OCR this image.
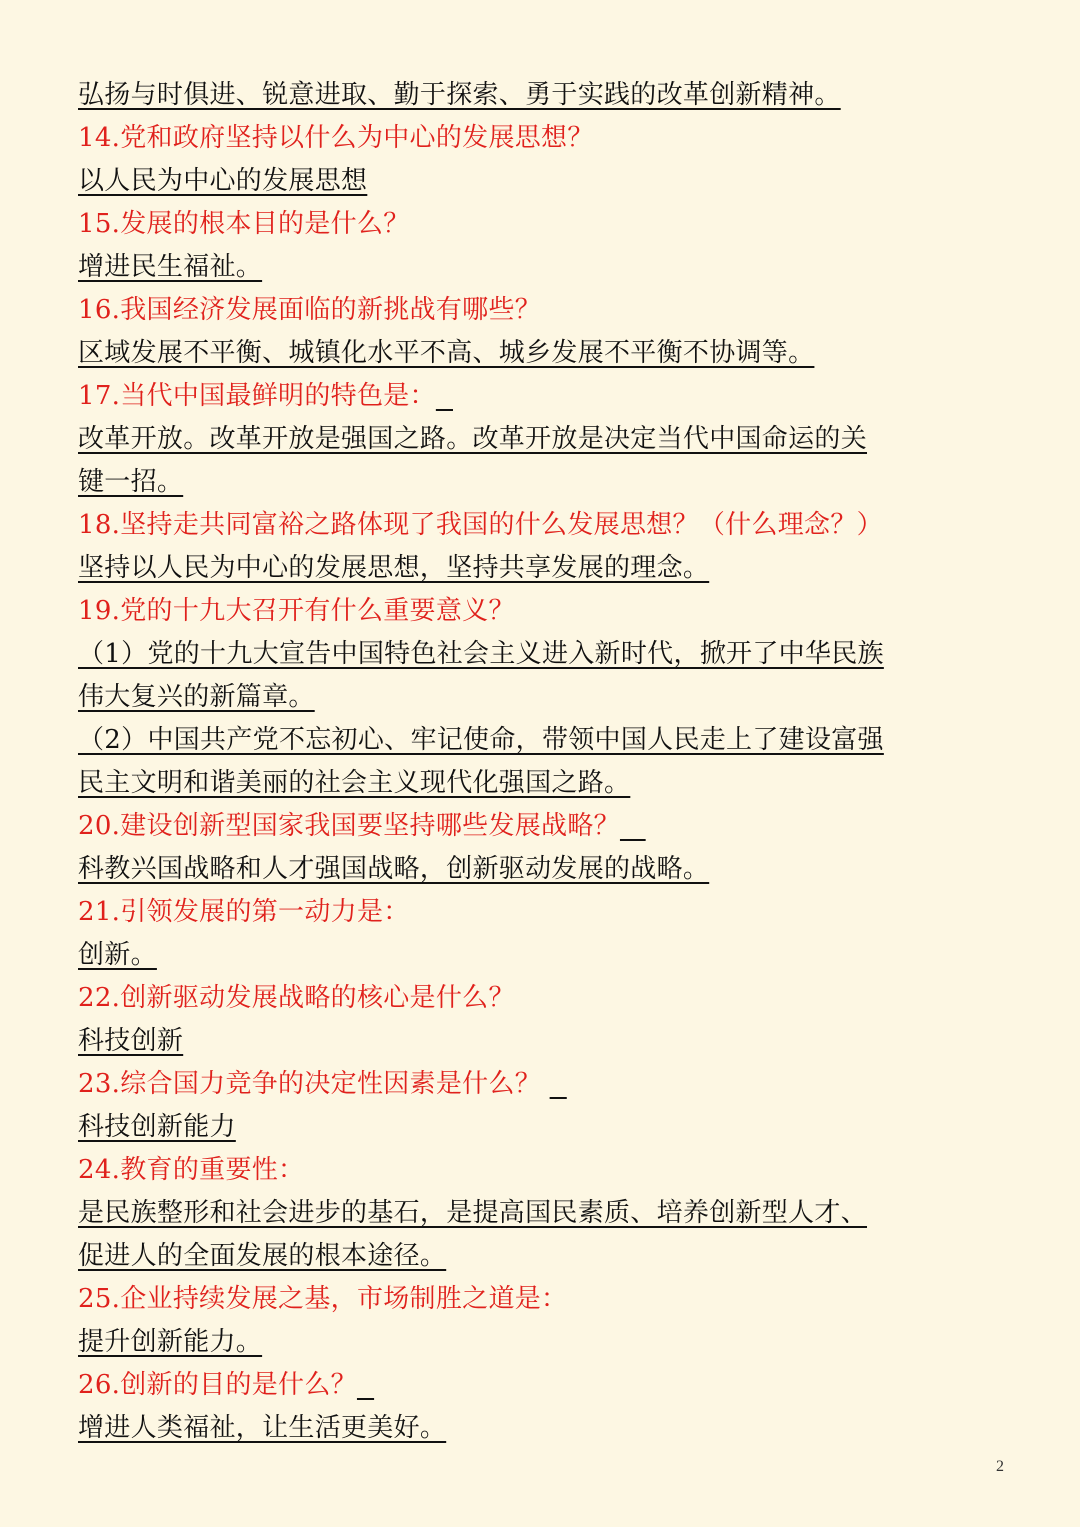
弘扬与时俱进、锐意进取、勤于探索、勇于实践的改革创新精神。
14.党和政府坚持以什么为中心的发展思想？
以人民为中心的发展思想
15.发展的根本目的是什么？
增进民生福祉。
16.我国经济发展面临的新挑战有哪些？
区域发展不平衡、城镇化水平不高、城乡发展不平衡不协调等。
17.当代中国最鲜明的特色是：
改革开放。改革开放是强国之路。改革开放是决定当代中国命运的关
键一招。
18.坚持走共同富裕之路体现了我国的什么发展思想？（什么理念？）
坚持以人民为中心的发展思想，坚持共享发展的理念。
19.党的十九大召开有什么重要意义？
（1）党的十九大宣告中国特色社会主义进入新时代，掀开了中华民族
伟大复兴的新篇章。
（2）中国共产党不忘初心、牢记使命，带领中国人民走上了建设富强
民主文明和谐美丽的社会主义现代化强国之路。
20.建设创新型国家我国要坚持哪些发展战略？
科教兴国战略和人才强国战略，创新驱动发展的战略。
21.引领发展的第一动力是：
创新。
22.创新驱动发展战略的核心是什么？
科技创新
23.综合国力竞争的决定性因素是什么？
科技创新能力
24.教育的重要性：
是民族整形和社会进步的基石，是提高国民素质、培养创新型人才、
促进人的全面发展的根本途径。
25.企业持续发展之基，市场制胜之道是：
提升创新能力。
26.创新的目的是什么？
增进人类福祉，让生活更美好。
2
